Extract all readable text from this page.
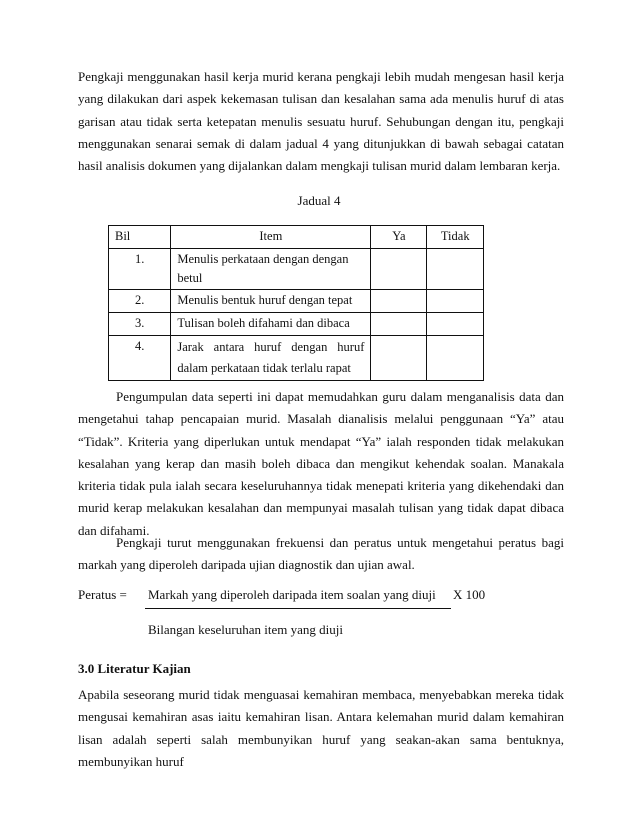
Pengkaji menggunakan hasil kerja murid kerana pengkaji lebih mudah mengesan hasil kerja yang dilakukan dari aspek kekemasan tulisan dan kesalahan sama ada menulis huruf di atas garisan atau tidak serta ketepatan menulis sesuatu huruf. Sehubungan dengan itu, pengkaji menggunakan senarai semak di dalam jadual 4 yang ditunjukkan di bawah sebagai catatan hasil analisis dokumen yang dijalankan dalam mengkaji tulisan murid dalam lembaran kerja.

Jadual 4
Bil	Item	Ya	Tidak
1.	Menulis perkataan dengan dengan betul		
2.	Menulis bentuk huruf dengan tepat		
3.	Tulisan boleh difahami dan dibaca		
4.	Jarak antara huruf dengan huruf dalam perkataan tidak terlalu rapat		

Pengumpulan data seperti ini dapat memudahkan guru dalam menganalisis data dan mengetahui tahap pencapaian murid. Masalah dianalisis melalui penggunaan “Ya” atau “Tidak”. Kriteria yang diperlukan untuk mendapat “Ya” ialah responden tidak melakukan kesalahan yang kerap dan masih boleh dibaca dan mengikut kehendak soalan. Manakala kriteria tidak pula ialah secara keseluruhannya tidak menepati kriteria yang dikehendaki dan murid kerap melakukan kesalahan dan mempunyai masalah tulisan yang tidak dapat dibaca dan difahami.

Pengkaji turut menggunakan frekuensi dan peratus untuk mengetahui peratus bagi markah yang diperoleh daripada ujian diagnostik dan ujian awal.

Peratus = Markah yang diperoleh daripada item soalan yang diuji X 100
Bilangan keseluruhan item yang diuji
3.0 Literatur Kajian

Apabila seseorang murid tidak menguasai kemahiran membaca, menyebabkan mereka tidak mengusai kemahiran asas iaitu kemahiran lisan. Antara kelemahan murid dalam kemahiran lisan adalah seperti salah membunyikan huruf yang seakan-akan sama bentuknya, membunyikan huruf
